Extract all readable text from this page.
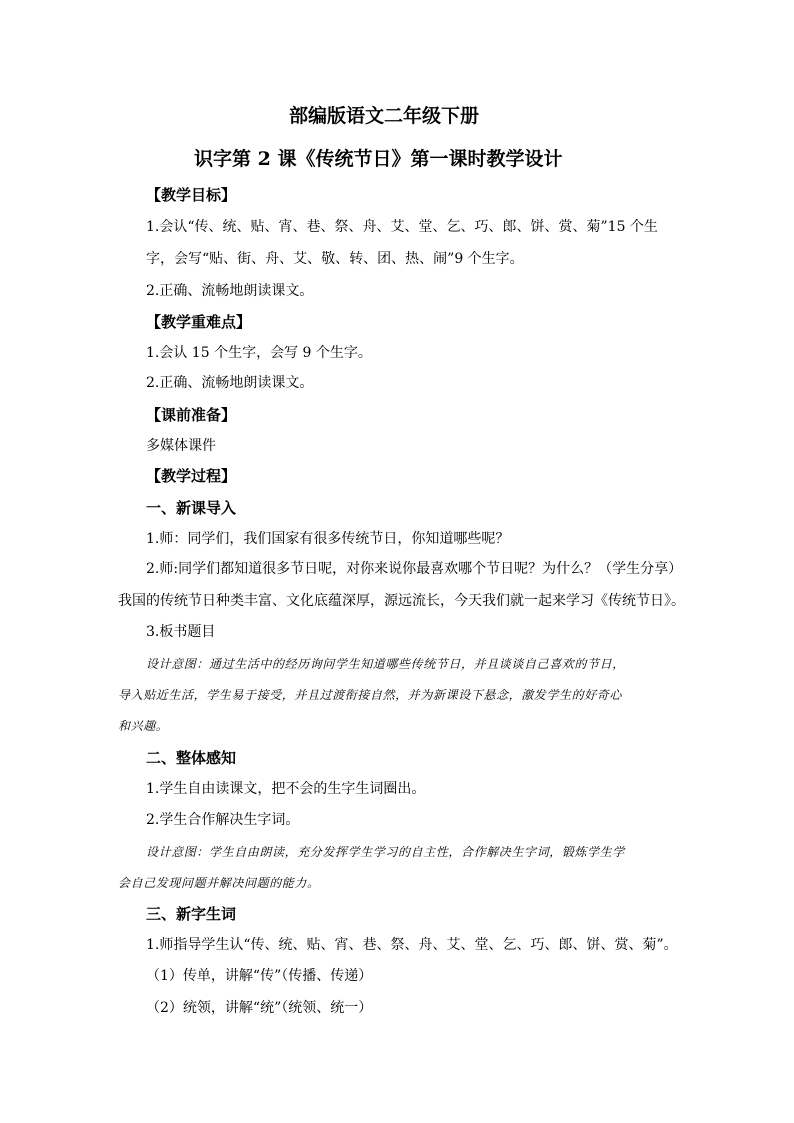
部编版语文二年级下册
识字第 2 课《传统节日》第一课时教学设计
【教学目标】
1.会认“传、统、贴、宵、巷、祭、舟、艾、堂、乞、巧、郎、饼、赏、菊”15 个生
字，会写“贴、街、舟、艾、敬、转、团、热、闹”9 个生字。
2.正确、流畅地朗读课文。
【教学重难点】
1.会认 15 个生字，会写 9 个生字。
2.正确、流畅地朗读课文。
【课前准备】
多媒体课件
【教学过程】
一、新课导入
1.师：同学们，我们国家有很多传统节日，你知道哪些呢？
2.师:同学们都知道很多节日呢，对你来说你最喜欢哪个节日呢？为什么？（学生分享）
我国的传统节日种类丰富、文化底蕴深厚，源远流长，今天我们就一起来学习《传统节日》。
3.板书题目
设计意图：通过生活中的经历询问学生知道哪些传统节日，并且谈谈自己喜欢的节日，
导入贴近生活，学生易于接受，并且过渡衔接自然，并为新课设下悬念，激发学生的好奇心
和兴趣。
二、整体感知
1.学生自由读课文，把不会的生字生词圈出。
2.学生合作解决生字词。
设计意图：学生自由朗读，充分发挥学生学习的自主性，合作解决生字词，锻炼学生学
会自己发现问题并解决问题的能力。
三、新字生词
1.师指导学生认“传、统、贴、宵、巷、祭、舟、艾、堂、乞、巧、郎、饼、赏、菊”。
（1）传单，讲解“传”（传播、传递）
（2）统领，讲解“统”（统领、统一）
